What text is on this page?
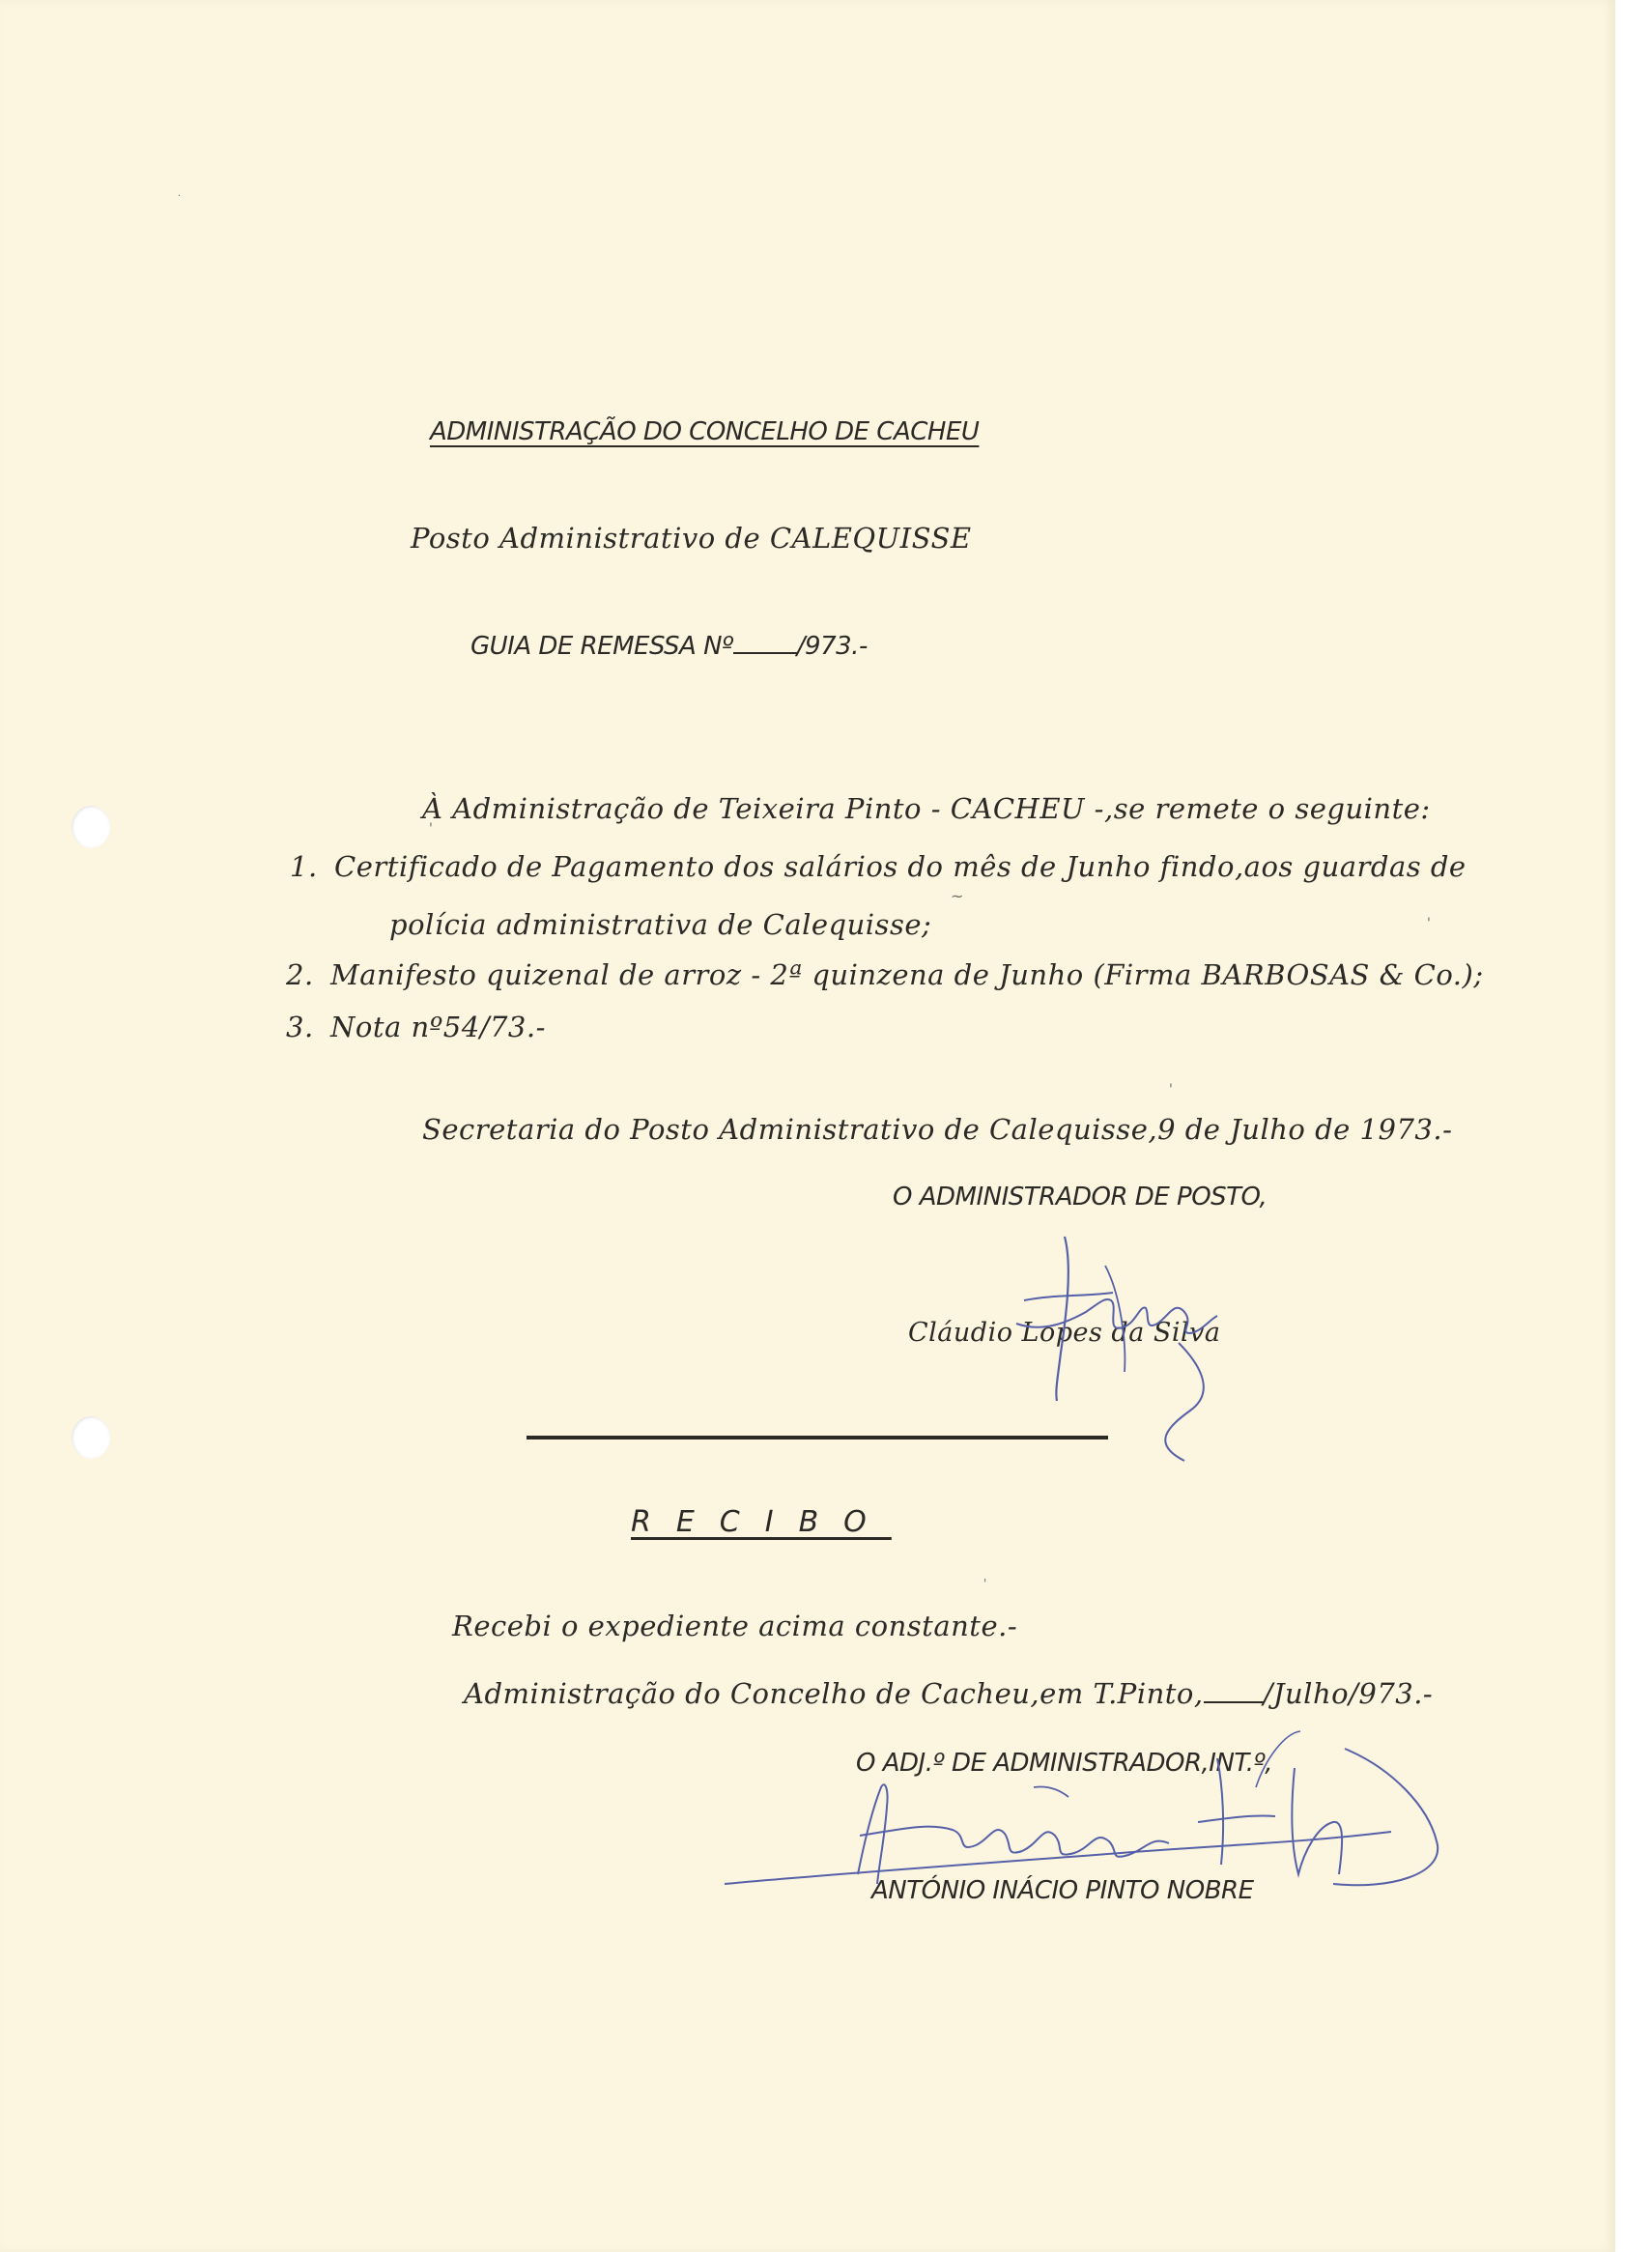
·
'
'
~
'
'
ADMINISTRAÇÃO DO CONCELHO DE CACHEU
Posto Administrativo de CALEQUISSE
GUIA DE REMESSA Nº	/973.-
À Administração de Teixeira Pinto - CACHEU -,se remete o seguinte:
1. Certificado de Pagamento dos salários do mês de Junho findo,aos guardas de
polícia administrativa de Calequisse;
2. Manifesto quizenal de arroz - 2ª quinzena de Junho (Firma BARBOSAS & Co.);
3. Nota nº54/73.-
Secretaria do Posto Administrativo de Calequisse,9 de Julho de 1973.-
O ADMINISTRADOR DE POSTO,
Cláudio Lopes da Silva
RECIBO
Recebi o expediente acima constante.-
Administração do Concelho de Cacheu,em T.Pinto, /Julho/973.-
O ADJ.º DE ADMINISTRADOR,INT.º,
ANTÓNIO INÁCIO PINTO NOBRE
